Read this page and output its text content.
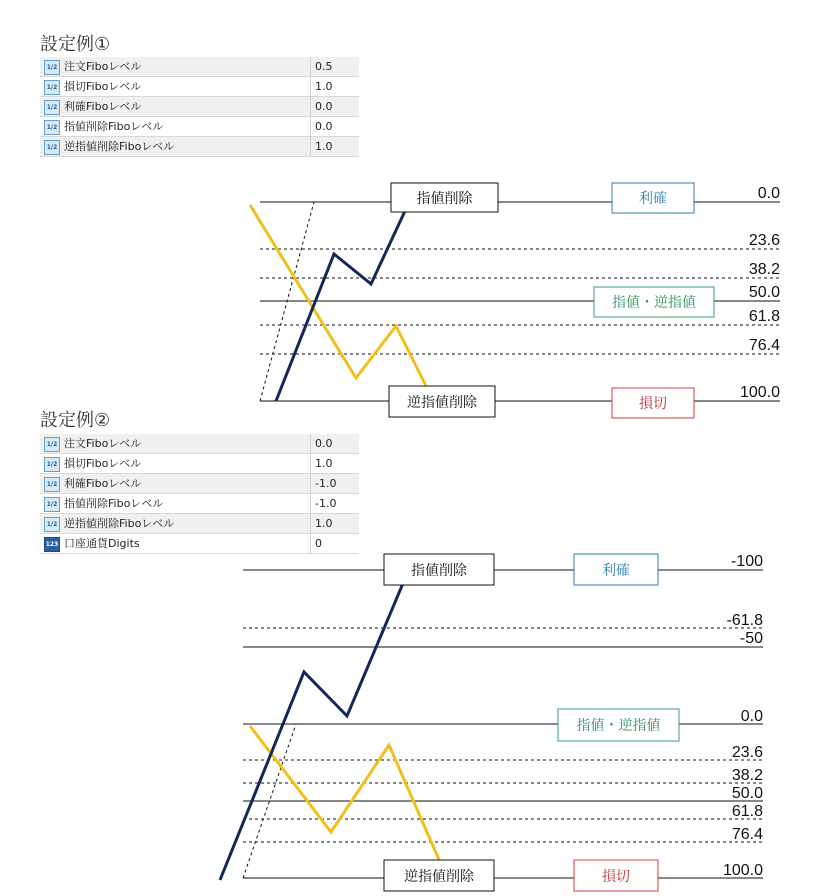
設定例①
1/2 注文Fiboレベル	0.5
1/2 損切Fiboレベル	1.0
1/2 利確Fiboレベル	0.0
1/2 指値削除Fiboレベル	0.0
1/2 逆指値削除Fiboレベル	1.0
設定例②
1/2 注文Fiboレベル	0.0
1/2 損切Fiboレベル	1.0
1/2 利確Fiboレベル	-1.0
1/2 指値削除Fiboレベル	-1.0
1/2 逆指値削除Fiboレベル	1.0
123 口座通貨Digits	0
0.0
23.6
38.2
50.0
61.8
76.4
100.0
指値削除	利確
指値・逆指値
逆指値削除	損切
-100
-61.8
-50
0.0
23.6
38.2
50.0
61.8
76.4
100.0
指値削除	利確
指値・逆指値
逆指値削除	損切
